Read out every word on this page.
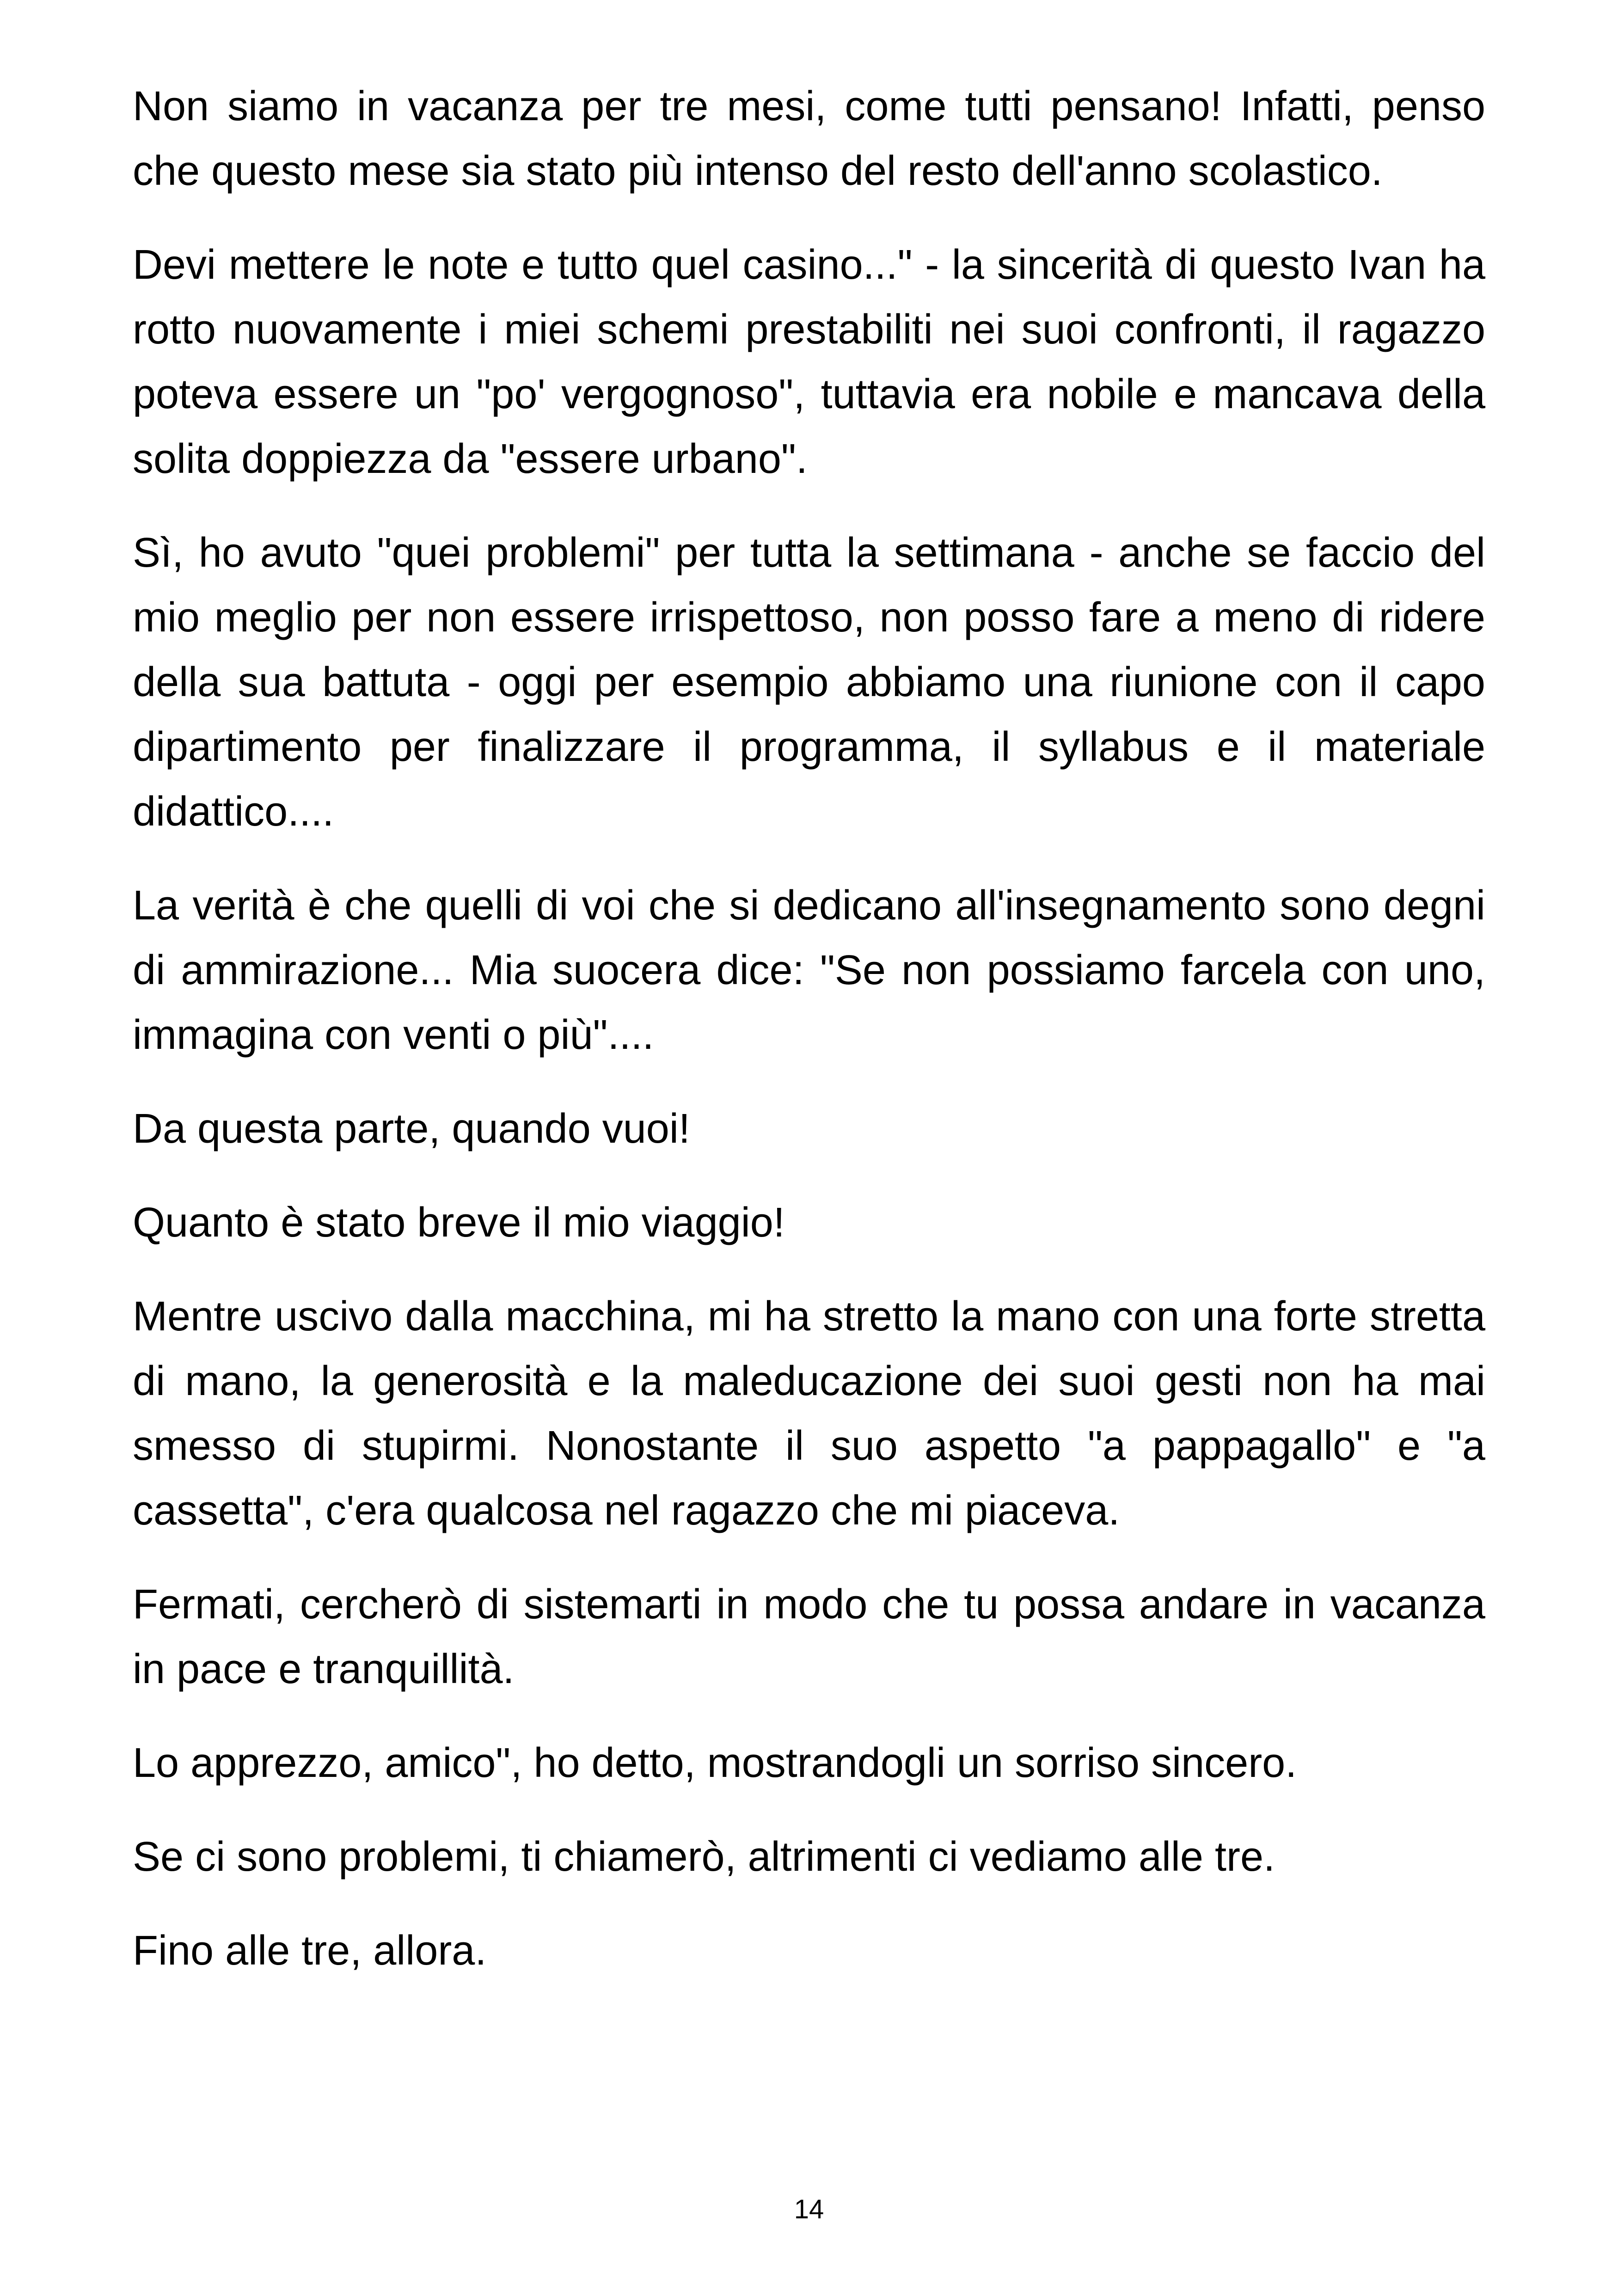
Non siamo in vacanza per tre mesi, come tutti pensano! Infatti, penso che questo mese sia stato più intenso del resto dell'anno scolastico.

Devi mettere le note e tutto quel casino..." - la sincerità di questo Ivan ha rotto nuovamente i miei schemi prestabiliti nei suoi confronti, il ragazzo poteva essere un "po' vergognoso", tuttavia era nobile e mancava della solita doppiezza da "essere urbano".

Sì, ho avuto "quei problemi" per tutta la settimana - anche se faccio del mio meglio per non essere irrispettoso, non posso fare a meno di ridere della sua battuta - oggi per esempio abbiamo una riunione con il capo dipartimento per finalizzare il programma, il syllabus e il materiale didattico....

La verità è che quelli di voi che si dedicano all'insegnamento sono degni di ammirazione... Mia suocera dice: "Se non possiamo farcela con uno, immagina con venti o più"....

Da questa parte, quando vuoi!

Quanto è stato breve il mio viaggio!

Mentre uscivo dalla macchina, mi ha stretto la mano con una forte stretta di mano, la generosità e la maleducazione dei suoi gesti non ha mai smesso di stupirmi. Nonostante il suo aspetto "a pappagallo" e "a cassetta", c'era qualcosa nel ragazzo che mi piaceva.

Fermati, cercherò di sistemarti in modo che tu possa andare in vacanza in pace e tranquillità.

Lo apprezzo, amico", ho detto, mostrandogli un sorriso sincero.

Se ci sono problemi, ti chiamerò, altrimenti ci vediamo alle tre.

Fino alle tre, allora.

14
